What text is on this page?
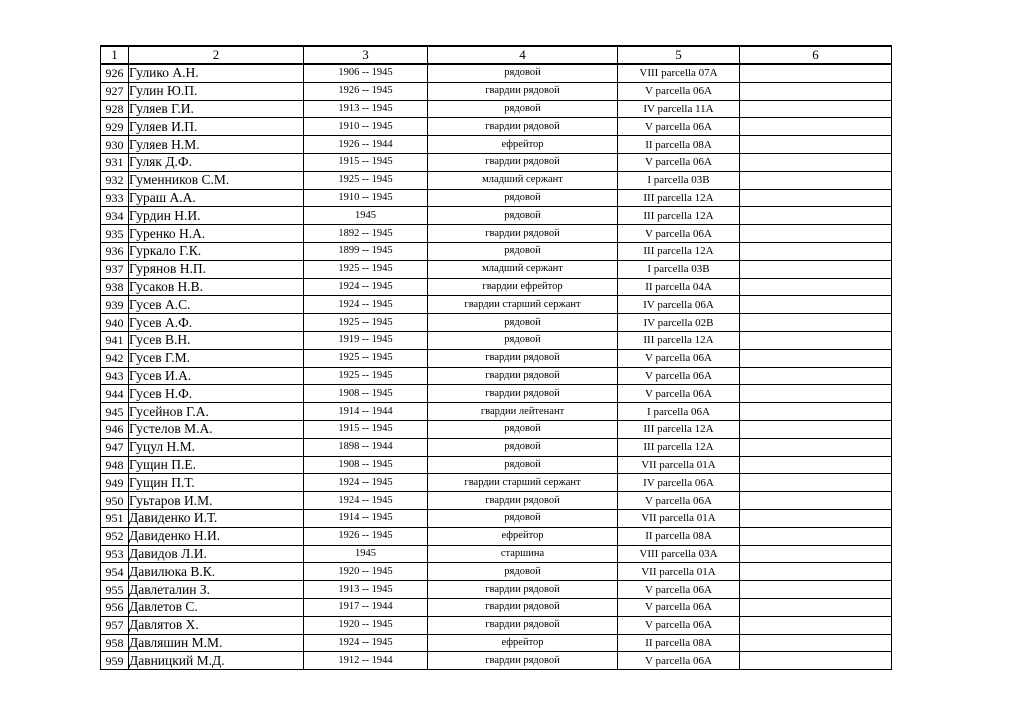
1	2	3	4	5	6
926	Гулико А.Н.	1906 -- 1945	рядовой	VIII parcella 07A	
927	Гулин Ю.П.	1926 -- 1945	гвардии рядовой	V parcella 06A	
928	Гуляев Г.И.	1913 -- 1945	рядовой	IV parcella 11A	
929	Гуляев И.П.	1910 -- 1945	гвардии рядовой	V parcella 06A	
930	Гуляев Н.М.	1926 -- 1944	ефрейтор	II parcella 08A	
931	Гуляк Д.Ф.	1915 -- 1945	гвардии рядовой	V parcella 06A	
932	Гуменников С.М.	1925 -- 1945	младший сержант	I parcella 03B	
933	Гураш А.А.	1910 -- 1945	рядовой	III parcella 12A	
934	Гурдин Н.И.	1945	рядовой	III parcella 12A	
935	Гуренко Н.А.	1892 -- 1945	гвардии рядовой	V parcella 06A	
936	Гуркало Г.К.	1899 -- 1945	рядовой	III parcella 12A	
937	Гурянов Н.П.	1925 -- 1945	младший сержант	I parcella 03B	
938	Гусаков Н.В.	1924 -- 1945	гвардии ефрейтор	II parcella 04A	
939	Гусев А.С.	1924 -- 1945	гвардии старший сержант	IV parcella 06A	
940	Гусев А.Ф.	1925 -- 1945	рядовой	IV parcella 02B	
941	Гусев В.Н.	1919 -- 1945	рядовой	III parcella 12A	
942	Гусев Г.М.	1925 -- 1945	гвардии рядовой	V parcella 06A	
943	Гусев И.А.	1925 -- 1945	гвардии рядовой	V parcella 06A	
944	Гусев Н.Ф.	1908 -- 1945	гвардии рядовой	V parcella 06A	
945	Гусейнов Г.А.	1914 -- 1944	гвардии лейтенант	I parcella 06A	
946	Густелов М.А.	1915 -- 1945	рядовой	III parcella 12A	
947	Гуцул Н.М.	1898 -- 1944	рядовой	III parcella 12A	
948	Гущин П.Е.	1908 -- 1945	рядовой	VII parcella 01A	
949	Гущин П.Т.	1924 -- 1945	гвардии старший сержант	IV parcella 06A	
950	Гуьтаров И.М.	1924 -- 1945	гвардии рядовой	V parcella 06A	
951	Давиденко И.Т.	1914 -- 1945	рядовой	VII parcella 01A	
952	Давиденко Н.И.	1926 -- 1945	ефрейтор	II parcella 08A	
953	Давидов Л.И.	1945	старшина	VIII parcella 03A	
954	Давилюка В.К.	1920 -- 1945	рядовой	VII parcella 01A	
955	Давлеталин З.	1913 -- 1945	гвардии рядовой	V parcella 06A	
956	Давлетов С.	1917 -- 1944	гвардии рядовой	V parcella 06A	
957	Давлятов Х.	1920 -- 1945	гвардии рядовой	V parcella 06A	
958	Давляшин М.М.	1924 -- 1945	ефрейтор	II parcella 08A	
959	Давницкий М.Д.	1912 -- 1944	гвардии рядовой	V parcella 06A	
